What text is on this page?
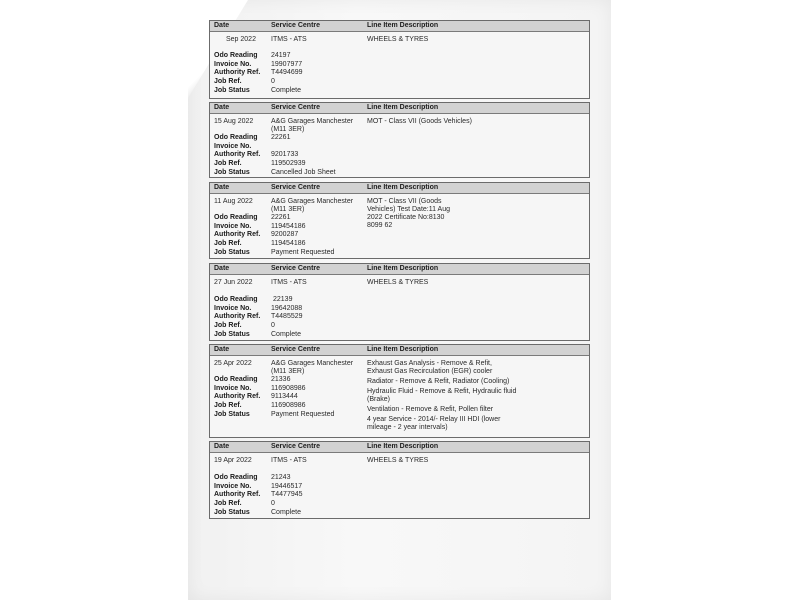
Date	Service Centre	Line Item Description
Sep 2022 ITMS - ATS	WHEELS & TYRES
Odo Reading 24197
Invoice No.	19907977
Authority Ref. T4494699
Job Ref.	0
Job Status	Complete
Date	Service Centre	Line Item Description
15 Aug 2022	A&G Garages Manchester (M11 3ER)
MOT - Class VII (Goods Vehicles)
Odo Reading 22261
Invoice No.
Authority Ref. 9201733
Job Ref.	119502939
Job Status	Cancelled Job Sheet
Date	Service Centre	Line Item Description
11 Aug 2022	A&G Garages Manchester (M11 3ER)
MOT - Class VII (Goods Vehicles) Test Date:11 Aug 2022 Certificate No:8130 8099 62
Odo Reading 22261
Invoice No.	119454186
Authority Ref. 9200287
Job Ref.	119454186
Job Status	Payment Requested
Date	Service Centre	Line Item Description
27 Jun 2022	ITMS - ATS	WHEELS & TYRES
Odo Reading 22139
Invoice No.	19642088
Authority Ref. T4485529
Job Ref.	0
Job Status	Complete
Date	Service Centre	Line Item Description
25 Apr 2022	A&G Garages Manchester (M11 3ER)
Exhaust Gas Analysis - Remove & Refit, Exhaust Gas Recirculation (EGR) cooler
Radiator - Remove & Refit, Radiator (Cooling)
Hydraulic Fluid - Remove & Refit, Hydraulic fluid (Brake)
Ventilation - Remove & Refit, Pollen filter
4 year Service - 2014/- Relay III HDI (lower mileage - 2 year intervals)
Odo Reading 21336
Invoice No.	116908986
Authority Ref. 9113444
Job Ref.	116908986
Job Status	Payment Requested
Date	Service Centre	Line Item Description
19 Apr 2022	ITMS - ATS	WHEELS & TYRES
Odo Reading 21243
Invoice No.	19446517
Authority Ref. T4477945
Job Ref.	0
Job Status	Complete
